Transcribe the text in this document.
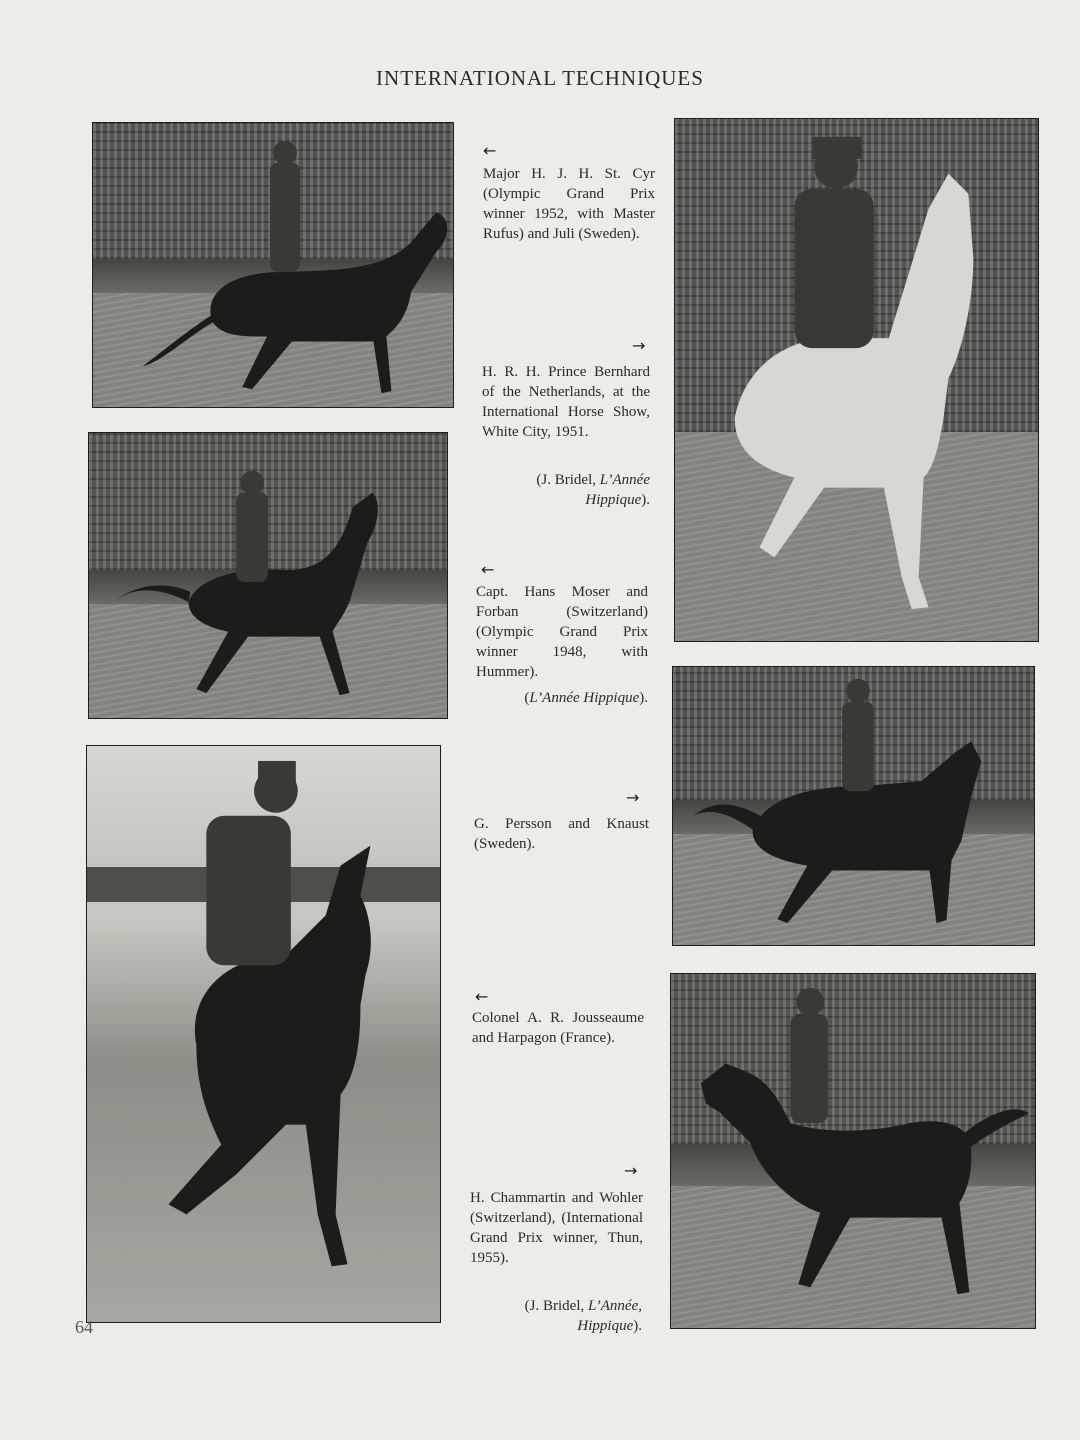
INTERNATIONAL TECHNIQUES
←
Major H. J. H. St. Cyr (Olympic Grand Prix winner 1952, with Master Rufus) and Juli (Sweden).
→
H. R. H. Prince Bernhard of the Netherlands, at the International Horse Show, White City, 1951.
(J. Bridel, L’Année Hippique).
←
Capt. Hans Moser and Forban (Switzerland) (Olympic Grand Prix winner 1948, with Hummer).
(L’Année Hippique).
→
G. Persson and Knaust (Sweden).
←
Colonel A. R. Jousseaume and Harpagon (France).
→
H. Chammartin and Wohler (Switzerland), (International Grand Prix winner, Thun, 1955).
(J. Bridel, L’Année, Hippique).
64
